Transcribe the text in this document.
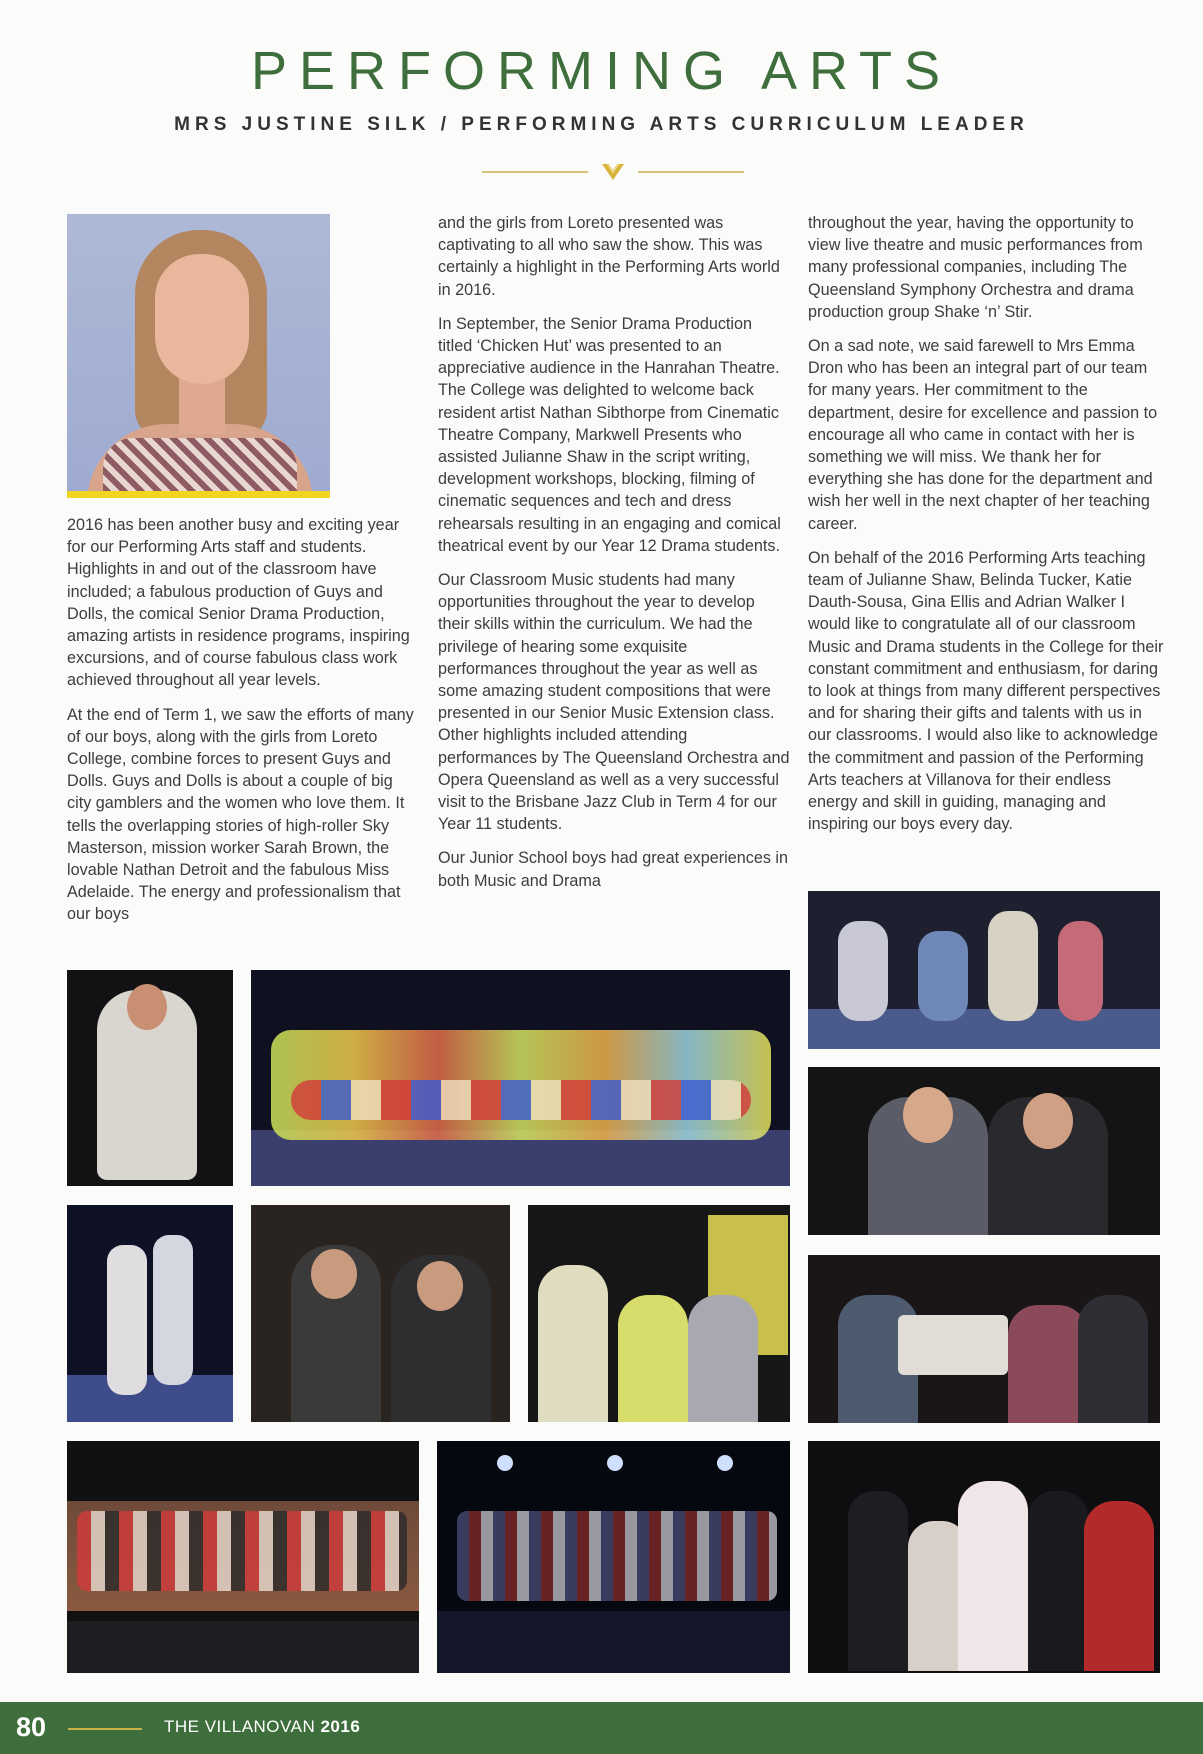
PERFORMING ARTS
MRS JUSTINE SILK / PERFORMING ARTS CURRICULUM LEADER

2016 has been another busy and exciting year for our Performing Arts staff and students. Highlights in and out of the classroom have included; a fabulous production of Guys and Dolls, the comical Senior Drama Production, amazing artists in residence programs, inspiring excursions, and of course fabulous class work achieved throughout all year levels.

At the end of Term 1, we saw the efforts of many of our boys, along with the girls from Loreto College, combine forces to present Guys and Dolls. Guys and Dolls is about a couple of big city gamblers and the women who love them. It tells the overlapping stories of high-roller Sky Masterson, mission worker Sarah Brown, the lovable Nathan Detroit and the fabulous Miss Adelaide. The energy and professionalism that our boys

and the girls from Loreto presented was captivating to all who saw the show. This was certainly a highlight in the Performing Arts world in 2016.

In September, the Senior Drama Production titled ‘Chicken Hut’ was presented to an appreciative audience in the Hanrahan Theatre. The College was delighted to welcome back resident artist Nathan Sibthorpe from Cinematic Theatre Company, Markwell Presents who assisted Julianne Shaw in the script writing, development workshops, blocking, filming of cinematic sequences and tech and dress rehearsals resulting in an engaging and comical theatrical event by our Year 12 Drama students.

Our Classroom Music students had many opportunities throughout the year to develop their skills within the curriculum. We had the privilege of hearing some exquisite performances throughout the year as well as some amazing student compositions that were presented in our Senior Music Extension class. Other highlights included attending performances by The Queensland Orchestra and Opera Queensland as well as a very successful visit to the Brisbane Jazz Club in Term 4 for our Year 11 students.

Our Junior School boys had great experiences in both Music and Drama

throughout the year, having the opportunity to view live theatre and music performances from many professional companies, including The Queensland Symphony Orchestra and drama production group Shake ‘n’ Stir.

On a sad note, we said farewell to Mrs Emma Dron who has been an integral part of our team for many years. Her commitment to the department, desire for excellence and passion to encourage all who came in contact with her is something we will miss. We thank her for everything she has done for the department and wish her well in the next chapter of her teaching career.

On behalf of the 2016 Performing Arts teaching team of Julianne Shaw, Belinda Tucker, Katie Dauth-Sousa, Gina Ellis and Adrian Walker I would like to congratulate all of our classroom Music and Drama students in the College for their constant commitment and enthusiasm, for daring to look at things from many different perspectives and for sharing their gifts and talents with us in our classrooms. I would also like to acknowledge the commitment and passion of the Performing Arts teachers at Villanova for their endless energy and skill in guiding, managing and inspiring our boys every day.

80	THE VILLANOVAN 2016
